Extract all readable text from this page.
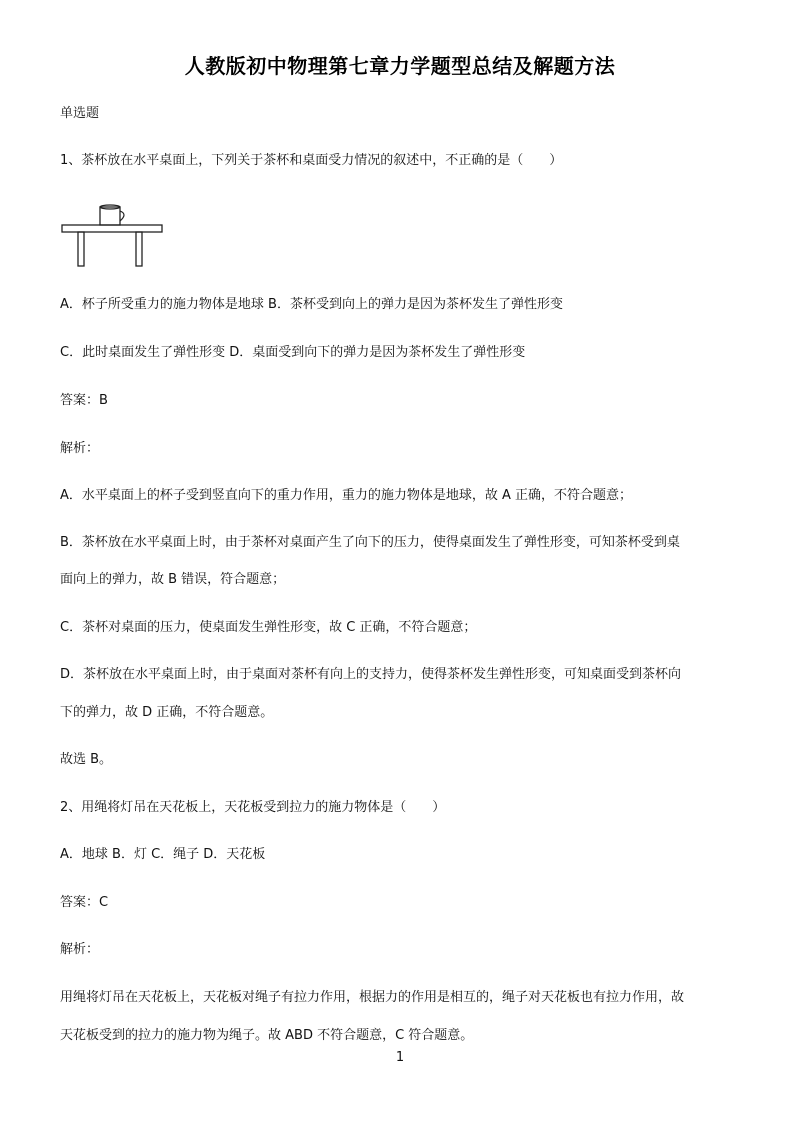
人教版初中物理第七章力学题型总结及解题方法
单选题
1、茶杯放在水平桌面上，下列关于茶杯和桌面受力情况的叙述中，不正确的是（　　）
A．杯子所受重力的施力物体是地球 B．茶杯受到向上的弹力是因为茶杯发生了弹性形变
C．此时桌面发生了弹性形变 D．桌面受到向下的弹力是因为茶杯发生了弹性形变
答案：B
解析：
A．水平桌面上的杯子受到竖直向下的重力作用，重力的施力物体是地球，故 A 正确，不符合题意；
B．茶杯放在水平桌面上时，由于茶杯对桌面产生了向下的压力，使得桌面发生了弹性形变，可知茶杯受到桌
面向上的弹力，故 B 错误，符合题意；
C．茶杯对桌面的压力，使桌面发生弹性形变，故 C 正确，不符合题意；
D．茶杯放在水平桌面上时，由于桌面对茶杯有向上的支持力，使得茶杯发生弹性形变，可知桌面受到茶杯向
下的弹力，故 D 正确，不符合题意。
故选 B。
2、用绳将灯吊在天花板上，天花板受到拉力的施力物体是（　　）
A．地球 B．灯 C．绳子 D．天花板
答案：C
解析：
用绳将灯吊在天花板上，天花板对绳子有拉力作用，根据力的作用是相互的，绳子对天花板也有拉力作用，故
天花板受到的拉力的施力物为绳子。故 ABD 不符合题意，C 符合题意。
1
